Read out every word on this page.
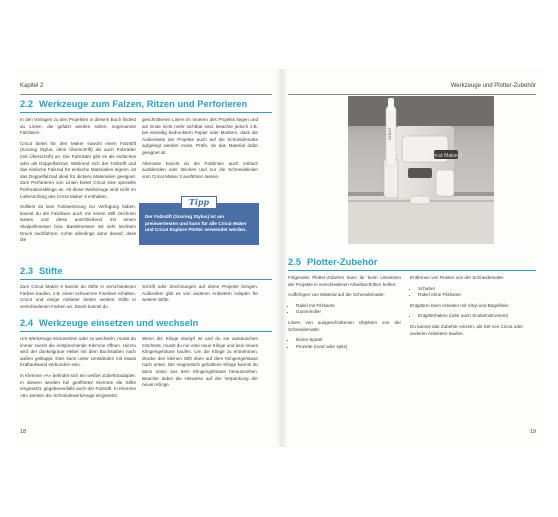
Kapitel 2
2.2 Werkzeuge zum Falzen, Ritzen und Perforieren

In den Vorlagen zu den Projekten in diesem Buch findest du Linien, die gefalzt werden sollen, sogenannte Falzlinien.

Cricut bietet für den Maker sowohl einen Falzstift (Scoring Stylus, ohne Überschrift) als auch Falzräder (mit Überschrift) an. Die Falzräder gibt es als einfaches oder als Doppelfalzrad. Während sich der Falzstift und das einfache Falzrad für einfache Materialien eignen, ist das Doppelfalzrad ideal für dickere Materialien geeignet. Zum Perforieren von Linien bietet Cricut eine spezielle Perforationsklinge an. All diese Werkzeuge sind nicht im Lieferumfang des Cricut Maker 3 enthalten.

Solltest du kein Falzwerkzeug zur Verfügung haben, kannst du die Falzlinien auch mit einem Stift zeichnen lassen und diese anschließend mit einem Skalpellmesser bzw. Bastelmesser mit sehr leichtem Druck nachfahren. Achte allerdings dann darauf, dass die

geschnittenen Linien im Inneren des Projekts liegen und am Ende nicht mehr sichtbar sind. Beachte jedoch z.B. bei einseitig bedrucktem Papier oder Mustern, dass die Außenseite der Projekte auch auf die Schneidematte aufgelegt werden muss. Prüfe, ob das Material dafür geeignet ist.

Alternativ kannst du die Falzlinien auch einfach ausblenden oder löschen und nur die Schneidelinien vom Cricut Maker 3 ausführen lassen.

Tipp
Der Falzstift (Scoring Stylus) ist am preiswertesten und kann für alle Cricut Maker und Cricut Explore Plotter verwendet werden.
2.3 Stifte

Zum Cricut Maker 3 kannst du Stifte in verschiedenen Farben kaufen, z.B. einen schwarzen Fineliner erhalten. Cricut und einige Anbieter bieten weitere Stifte in verschiedenen Farben an. Damit kannst du

Schrift oder Zeichnungen auf deine Projekte bringen. Außerdem gibt es von anderen Anbietern Adapter für weitere Stifte.

2.4 Werkzeuge einsetzen und wechseln

Um Werkzeuge einzusetzen oder zu wechseln, musst du immer zuerst die entsprechende Klemme öffnen. Hierzu wird der dunkelgraue Hebel mit dem Buchstaben nach außen geklappt. Dies kann unter Umständen mit etwas Kraftaufwand verbunden sein.

In Klemme »A« befindet sich ein weißer Zubehöradapter. In diesem werden bei geöffneter Klemme die Stifte eingesetzt, gegebenenfalls auch der Falzstift. In Klemme »B« werden die Schneidewerkzeuge eingesetzt.

Wenn die Klinge stumpf ist und du sie austauschen möchtest, musst du nur eine neue Klinge und kein neues Klingengehäuse kaufen. Um die Klinge zu entnehmen, drücke den kleinen Stift oben auf dem Klingengehäuse nach unten. Die magnetisch gehaltene Klinge kannst du dann unten aus dem Klingengehäuse herausziehen. Beachte dabei die Hinweise auf der Verpackung der neuen Klinge.

18
Werkzeuge und Plotter-Zubehör
Cricut Maker 3
Cricut
2.5 Plotter-Zubehör

Folgendes Plotter-Zubehör kann dir beim Umsetzen der Projekte in verschiedenen Arbeitsschritten helfen:

Aufbringen von Material auf die Schneidematte:

• Rakel mit Filzkante
• Gummiroller

Lösen von ausgeschnittenen Objekten von der Schneidematte:

• kleine Spatel
• Pinzette (rund oder spitz)

Entfernen von Resten von der Schneidematte:

• Schaber
• Rakel ohne Filzkante

Entgittern beim Arbeiten mit Vinyl und Bügelfolie:

• Entgitterhaken (oder auch Scalarinstrument)

Du kannst das Zubehör einzeln, als Set von Cricut oder anderen Anbietern kaufen.

19
